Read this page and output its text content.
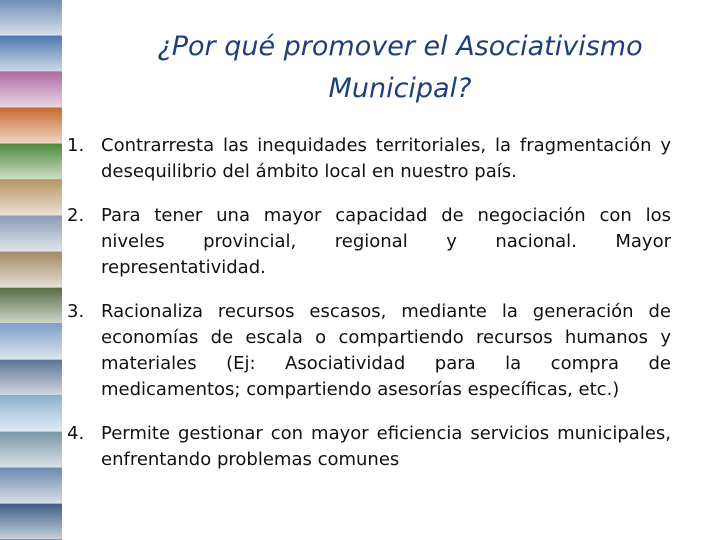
¿Por qué promover el Asociativismo
Municipal?
1. Contrarresta las inequidades territoriales, la fragmentación y desequilibrio del ámbito local en nuestro país.
2. Para tener una mayor capacidad de negociación con los niveles provincial, regional y nacional. Mayor representatividad.
3. Racionaliza recursos escasos, mediante la generación de economías de escala o compartiendo recursos humanos y materiales (Ej: Asociatividad para la compra de medicamentos; compartiendo asesorías específicas, etc.)
4. Permite gestionar con mayor eficiencia servicios municipales, enfrentando problemas comunes
